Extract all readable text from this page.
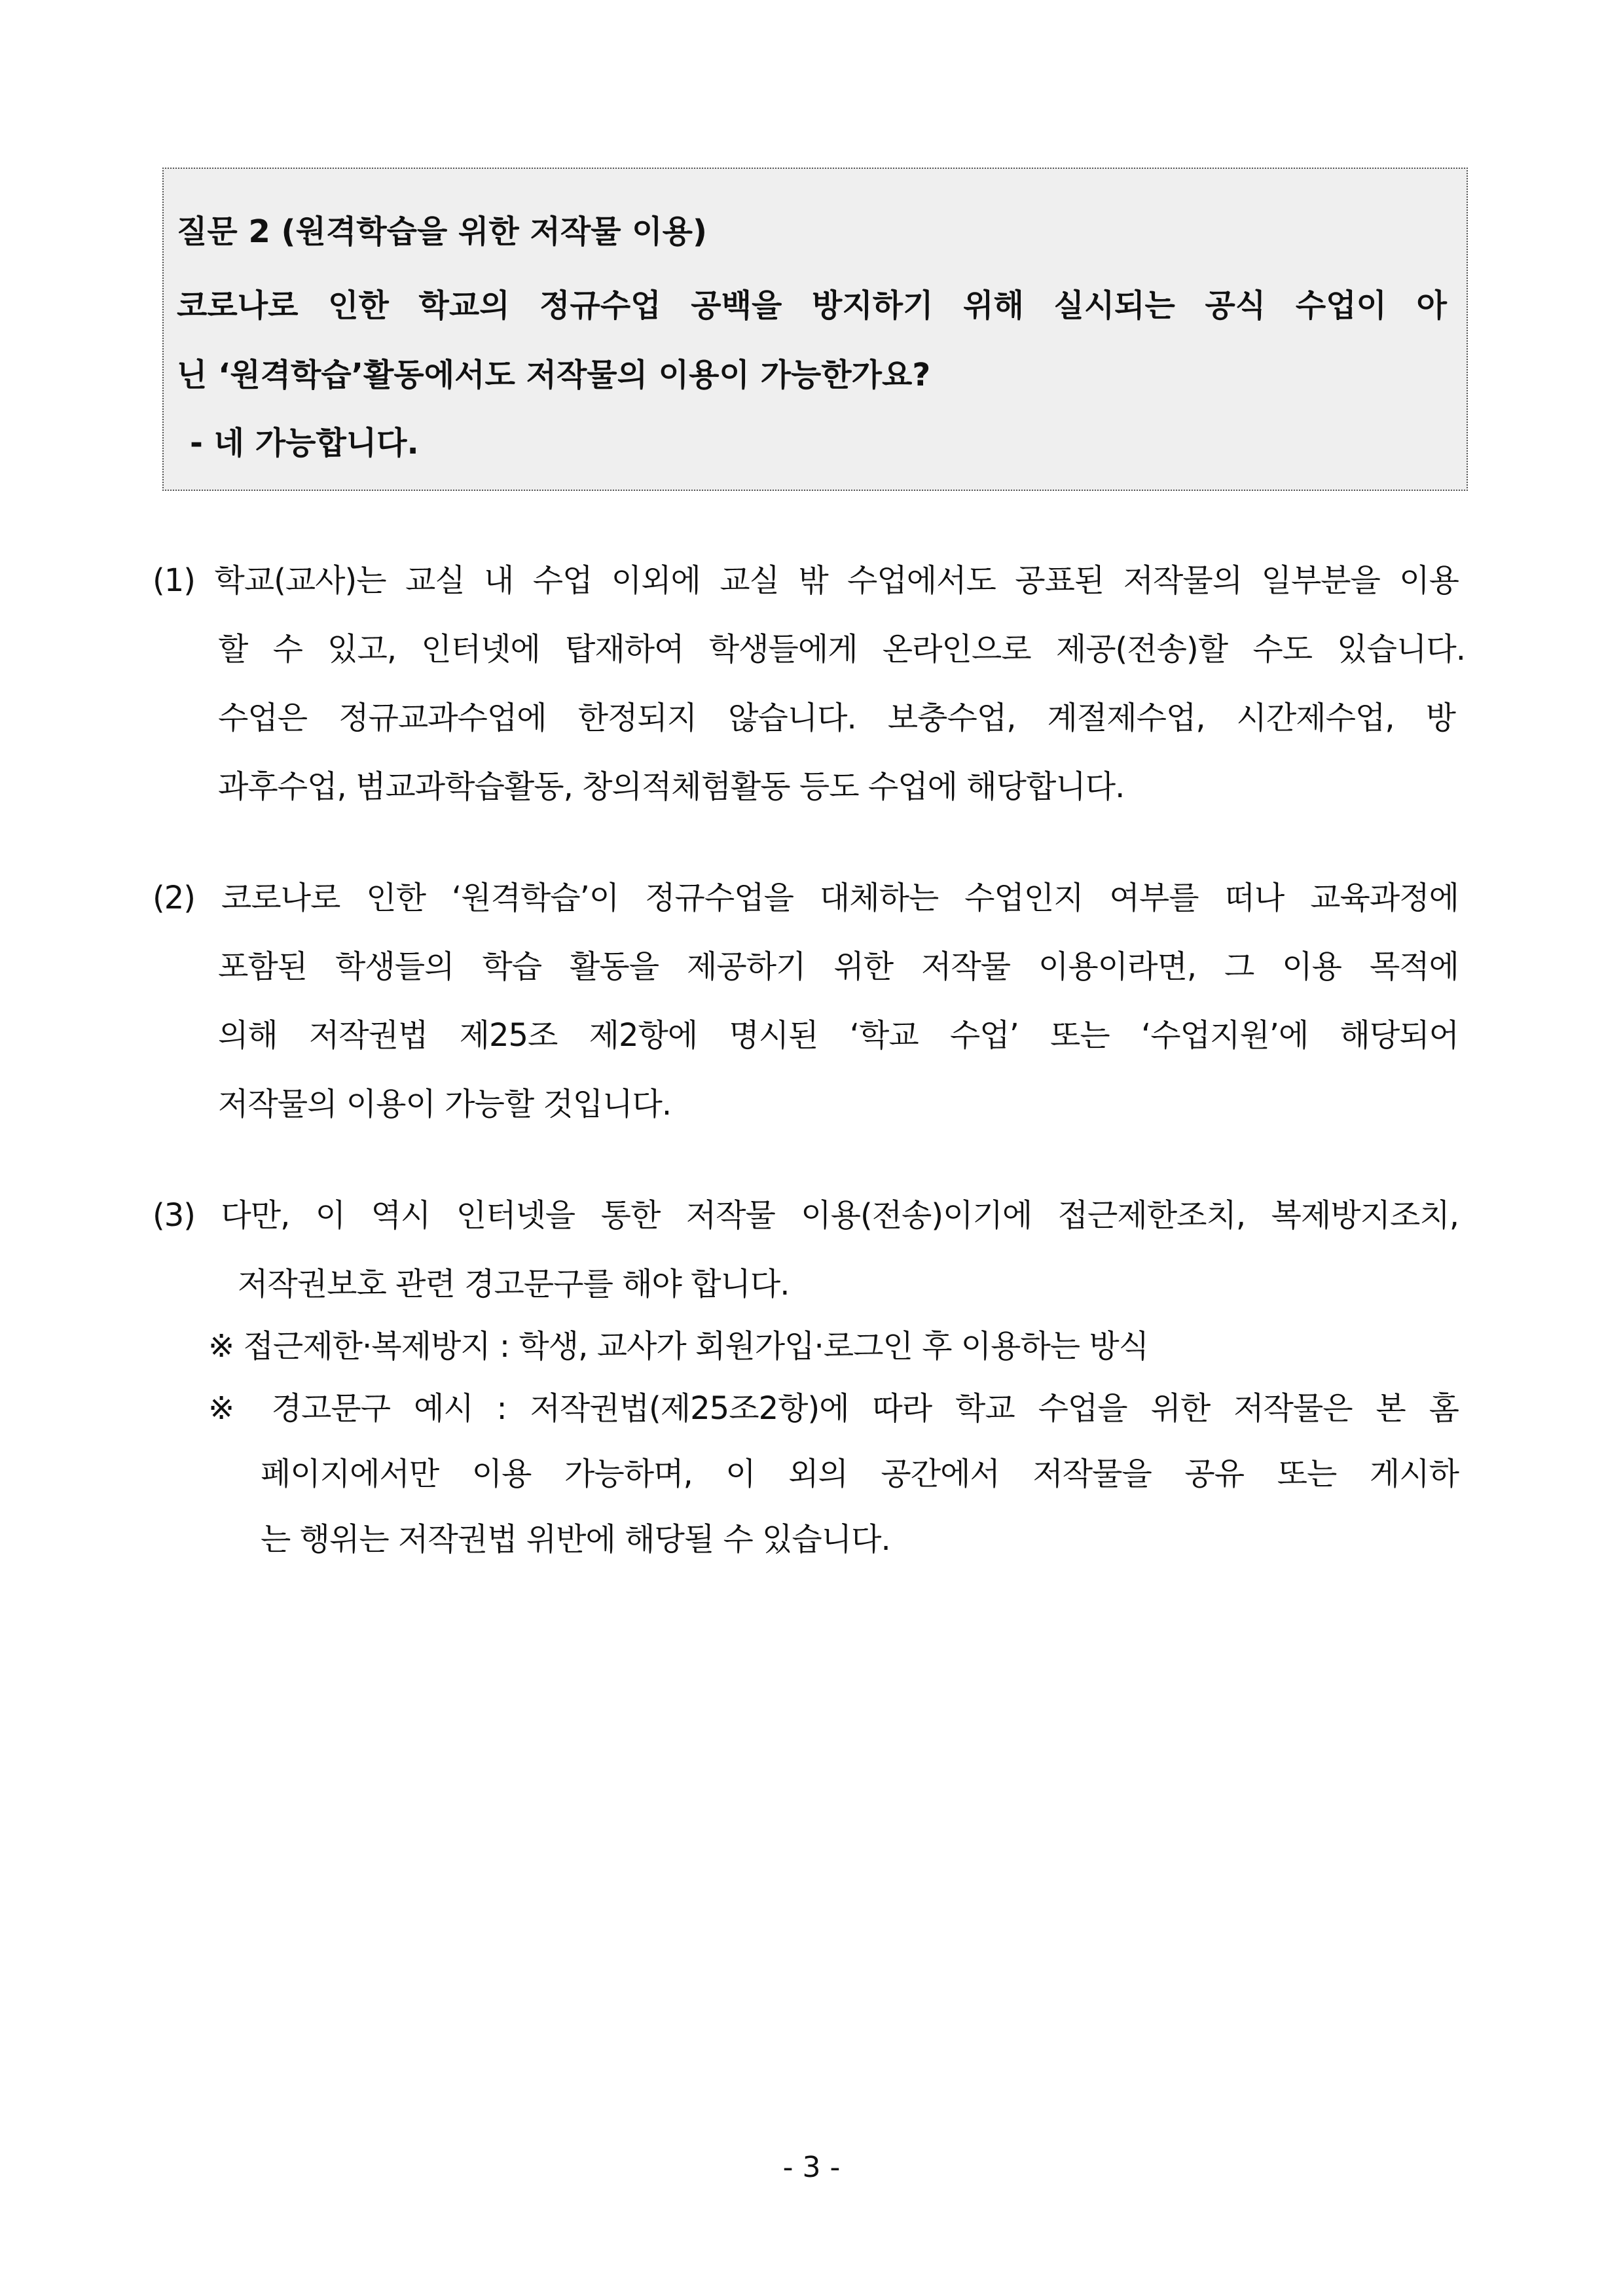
질문 2 (원격학습을 위한 저작물 이용)
코로나로 인한 학교의 정규수업 공백을 방지하기 위해 실시되는 공식 수업이 아
닌 ‘원격학습’활동에서도 저작물의 이용이 가능한가요?
- 네 가능합니다.
(1) 학교(교사)는 교실 내 수업 이외에 교실 밖 수업에서도 공표된 저작물의 일부분을 이용
할 수 있고, 인터넷에 탑재하여 학생들에게 온라인으로 제공(전송)할 수도 있습니다.
수업은 정규교과수업에 한정되지 않습니다. 보충수업, 계절제수업, 시간제수업, 방
과후수업, 범교과학습활동, 창의적체험활동 등도 수업에 해당합니다.
(2) 코로나로 인한 ‘원격학습’이 정규수업을 대체하는 수업인지 여부를 떠나 교육과정에
포함된 학생들의 학습 활동을 제공하기 위한 저작물 이용이라면, 그 이용 목적에
의해 저작권법 제25조 제2항에 명시된 ‘학교 수업’ 또는 ‘수업지원’에 해당되어
저작물의 이용이 가능할 것입니다.
(3) 다만, 이 역시 인터넷을 통한 저작물 이용(전송)이기에 접근제한조치, 복제방지조치,
저작권보호 관련 경고문구를 해야 합니다.
※ 접근제한·복제방지 : 학생, 교사가 회원가입·로그인 후 이용하는 방식
※ 경고문구 예시 : 저작권법(제25조2항)에 따라 학교 수업을 위한 저작물은 본 홈
페이지에서만 이용 가능하며, 이 외의 공간에서 저작물을 공유 또는 게시하
는 행위는 저작권법 위반에 해당될 수 있습니다.
- 3 -
